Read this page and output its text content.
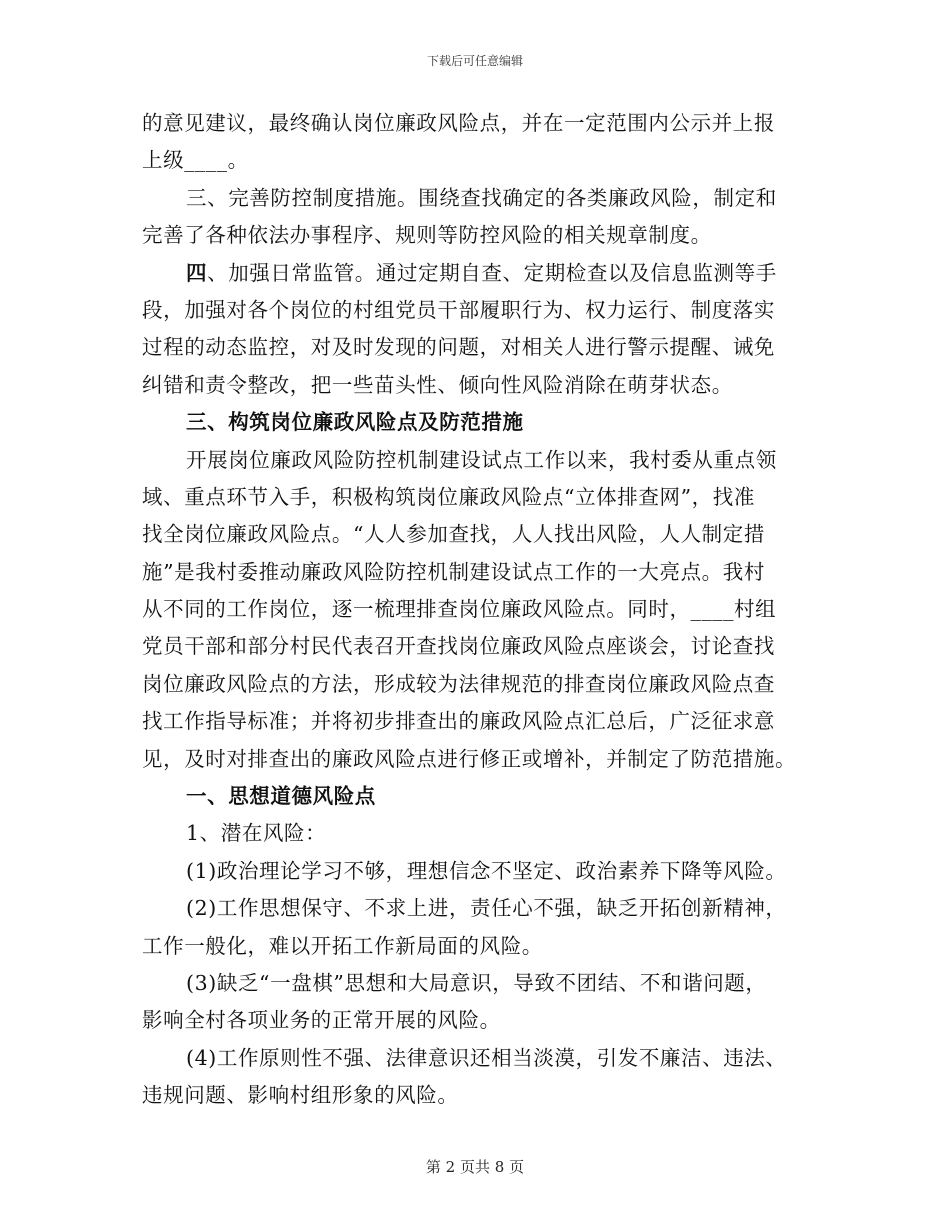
下载后可任意编辑
的意见建议，最终确认岗位廉政风险点，并在一定范围内公示并上报
上级____。
三、完善防控制度措施。围绕查找确定的各类廉政风险，制定和
完善了各种依法办事程序、规则等防控风险的相关规章制度。
四、加强日常监管。通过定期自查、定期检查以及信息监测等手
段，加强对各个岗位的村组党员干部履职行为、权力运行、制度落实
过程的动态监控，对及时发现的问题，对相关人进行警示提醒、诫免
纠错和责令整改，把一些苗头性、倾向性风险消除在萌芽状态。
三、构筑岗位廉政风险点及防范措施
开展岗位廉政风险防控机制建设试点工作以来，我村委从重点领
域、重点环节入手，积极构筑岗位廉政风险点“立体排查网”，找准
找全岗位廉政风险点。“人人参加查找，人人找出风险，人人制定措
施”是我村委推动廉政风险防控机制建设试点工作的一大亮点。我村
从不同的工作岗位，逐一梳理排查岗位廉政风险点。同时，____村组
党员干部和部分村民代表召开查找岗位廉政风险点座谈会，讨论查找
岗位廉政风险点的方法，形成较为法律规范的排查岗位廉政风险点查
找工作指导标准；并将初步排查出的廉政风险点汇总后，广泛征求意
见，及时对排查出的廉政风险点进行修正或增补，并制定了防范措施。
一、思想道德风险点
1、潜在风险：
(1)政治理论学习不够，理想信念不坚定、政治素养下降等风险。
(2)工作思想保守、不求上进，责任心不强，缺乏开拓创新精神，
工作一般化，难以开拓工作新局面的风险。
(3)缺乏“一盘棋”思想和大局意识，导致不团结、不和谐问题，
影响全村各项业务的正常开展的风险。
(4)工作原则性不强、法律意识还相当淡漠，引发不廉洁、违法、
违规问题、影响村组形象的风险。
第 2 页共 8 页
